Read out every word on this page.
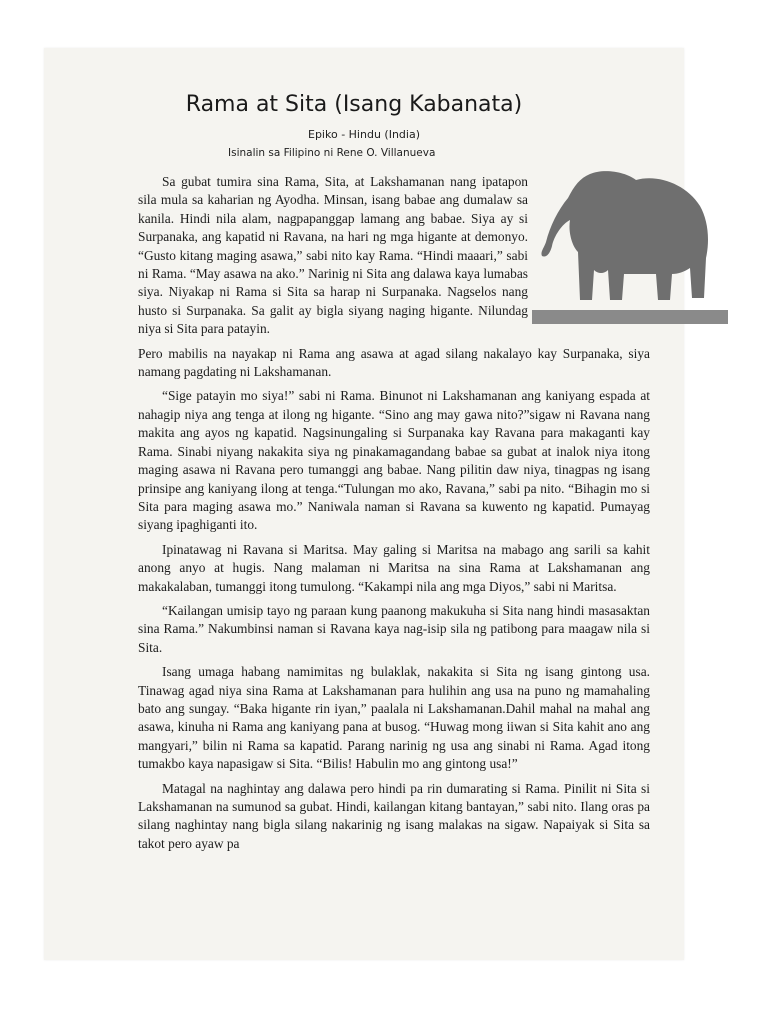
Rama at Sita (Isang Kabanata)
Epiko - Hindu (India)
Isinalin sa Filipino ni Rene O. Villanueva

Sa gubat tumira sina Rama, Sita, at Lakshamanan nang ipatapon sila mula sa kaharian ng Ayodha. Minsan, isang babae ang dumalaw sa kanila. Hindi nila alam, nagpapanggap lamang ang babae. Siya ay si Surpanaka, ang kapatid ni Ravana, na hari ng mga higante at demonyo. “Gusto kitang maging asawa,” sabi nito kay Rama. “Hindi maaari,” sabi ni Rama. “May asawa na ako.” Narinig ni Sita ang dalawa kaya lumabas siya. Niyakap ni Rama si Sita sa harap ni Surpanaka. Nagselos nang husto si Surpanaka. Sa galit ay bigla siyang naging higante. Nilundag niya si Sita para patayin.

Pero mabilis na nayakap ni Rama ang asawa at agad silang nakalayo kay Surpanaka, siya namang pagdating ni Lakshamanan.

“Sige patayin mo siya!” sabi ni Rama. Binunot ni Lakshamanan ang kaniyang espada at nahagip niya ang tenga at ilong ng higante. “Sino ang may gawa nito?”sigaw ni Ravana nang makita ang ayos ng kapatid. Nagsinungaling si Surpanaka kay Ravana para makaganti kay Rama. Sinabi niyang nakakita siya ng pinakamagandang babae sa gubat at inalok niya itong maging asawa ni Ravana pero tumanggi ang babae. Nang pilitin daw niya, tinagpas ng isang prinsipe ang kaniyang ilong at tenga.“Tulungan mo ako, Ravana,” sabi pa nito. “Bihagin mo si Sita para maging asawa mo.” Naniwala naman si Ravana sa kuwento ng kapatid. Pumayag siyang ipaghiganti ito.

Ipinatawag ni Ravana si Maritsa. May galing si Maritsa na mabago ang sarili sa kahit anong anyo at hugis. Nang malaman ni Maritsa na sina Rama at Lakshamanan ang makakalaban, tumanggi itong tumulong. “Kakampi nila ang mga Diyos,” sabi ni Maritsa.

“Kailangan umisip tayo ng paraan kung paanong makukuha si Sita nang hindi masasaktan sina Rama.” Nakumbinsi naman si Ravana kaya nag-isip sila ng patibong para maagaw nila si Sita.

Isang umaga habang namimitas ng bulaklak, nakakita si Sita ng isang gintong usa. Tinawag agad niya sina Rama at Lakshamanan para hulihin ang usa na puno ng mamahaling bato ang sungay. “Baka higante rin iyan,” paalala ni Lakshamanan.Dahil mahal na mahal ang asawa, kinuha ni Rama ang kaniyang pana at busog. “Huwag mong iiwan si Sita kahit ano ang mangyari,” bilin ni Rama sa kapatid. Parang narinig ng usa ang sinabi ni Rama. Agad itong tumakbo kaya napasigaw si Sita. “Bilis! Habulin mo ang gintong usa!”

Matagal na naghintay ang dalawa pero hindi pa rin dumarating si Rama. Pinilit ni Sita si Lakshamanan na sumunod sa gubat. Hindi, kailangan kitang bantayan,” sabi nito. Ilang oras pa silang naghintay nang bigla silang nakarinig ng isang malakas na sigaw. Napaiyak si Sita sa takot pero ayaw pa
